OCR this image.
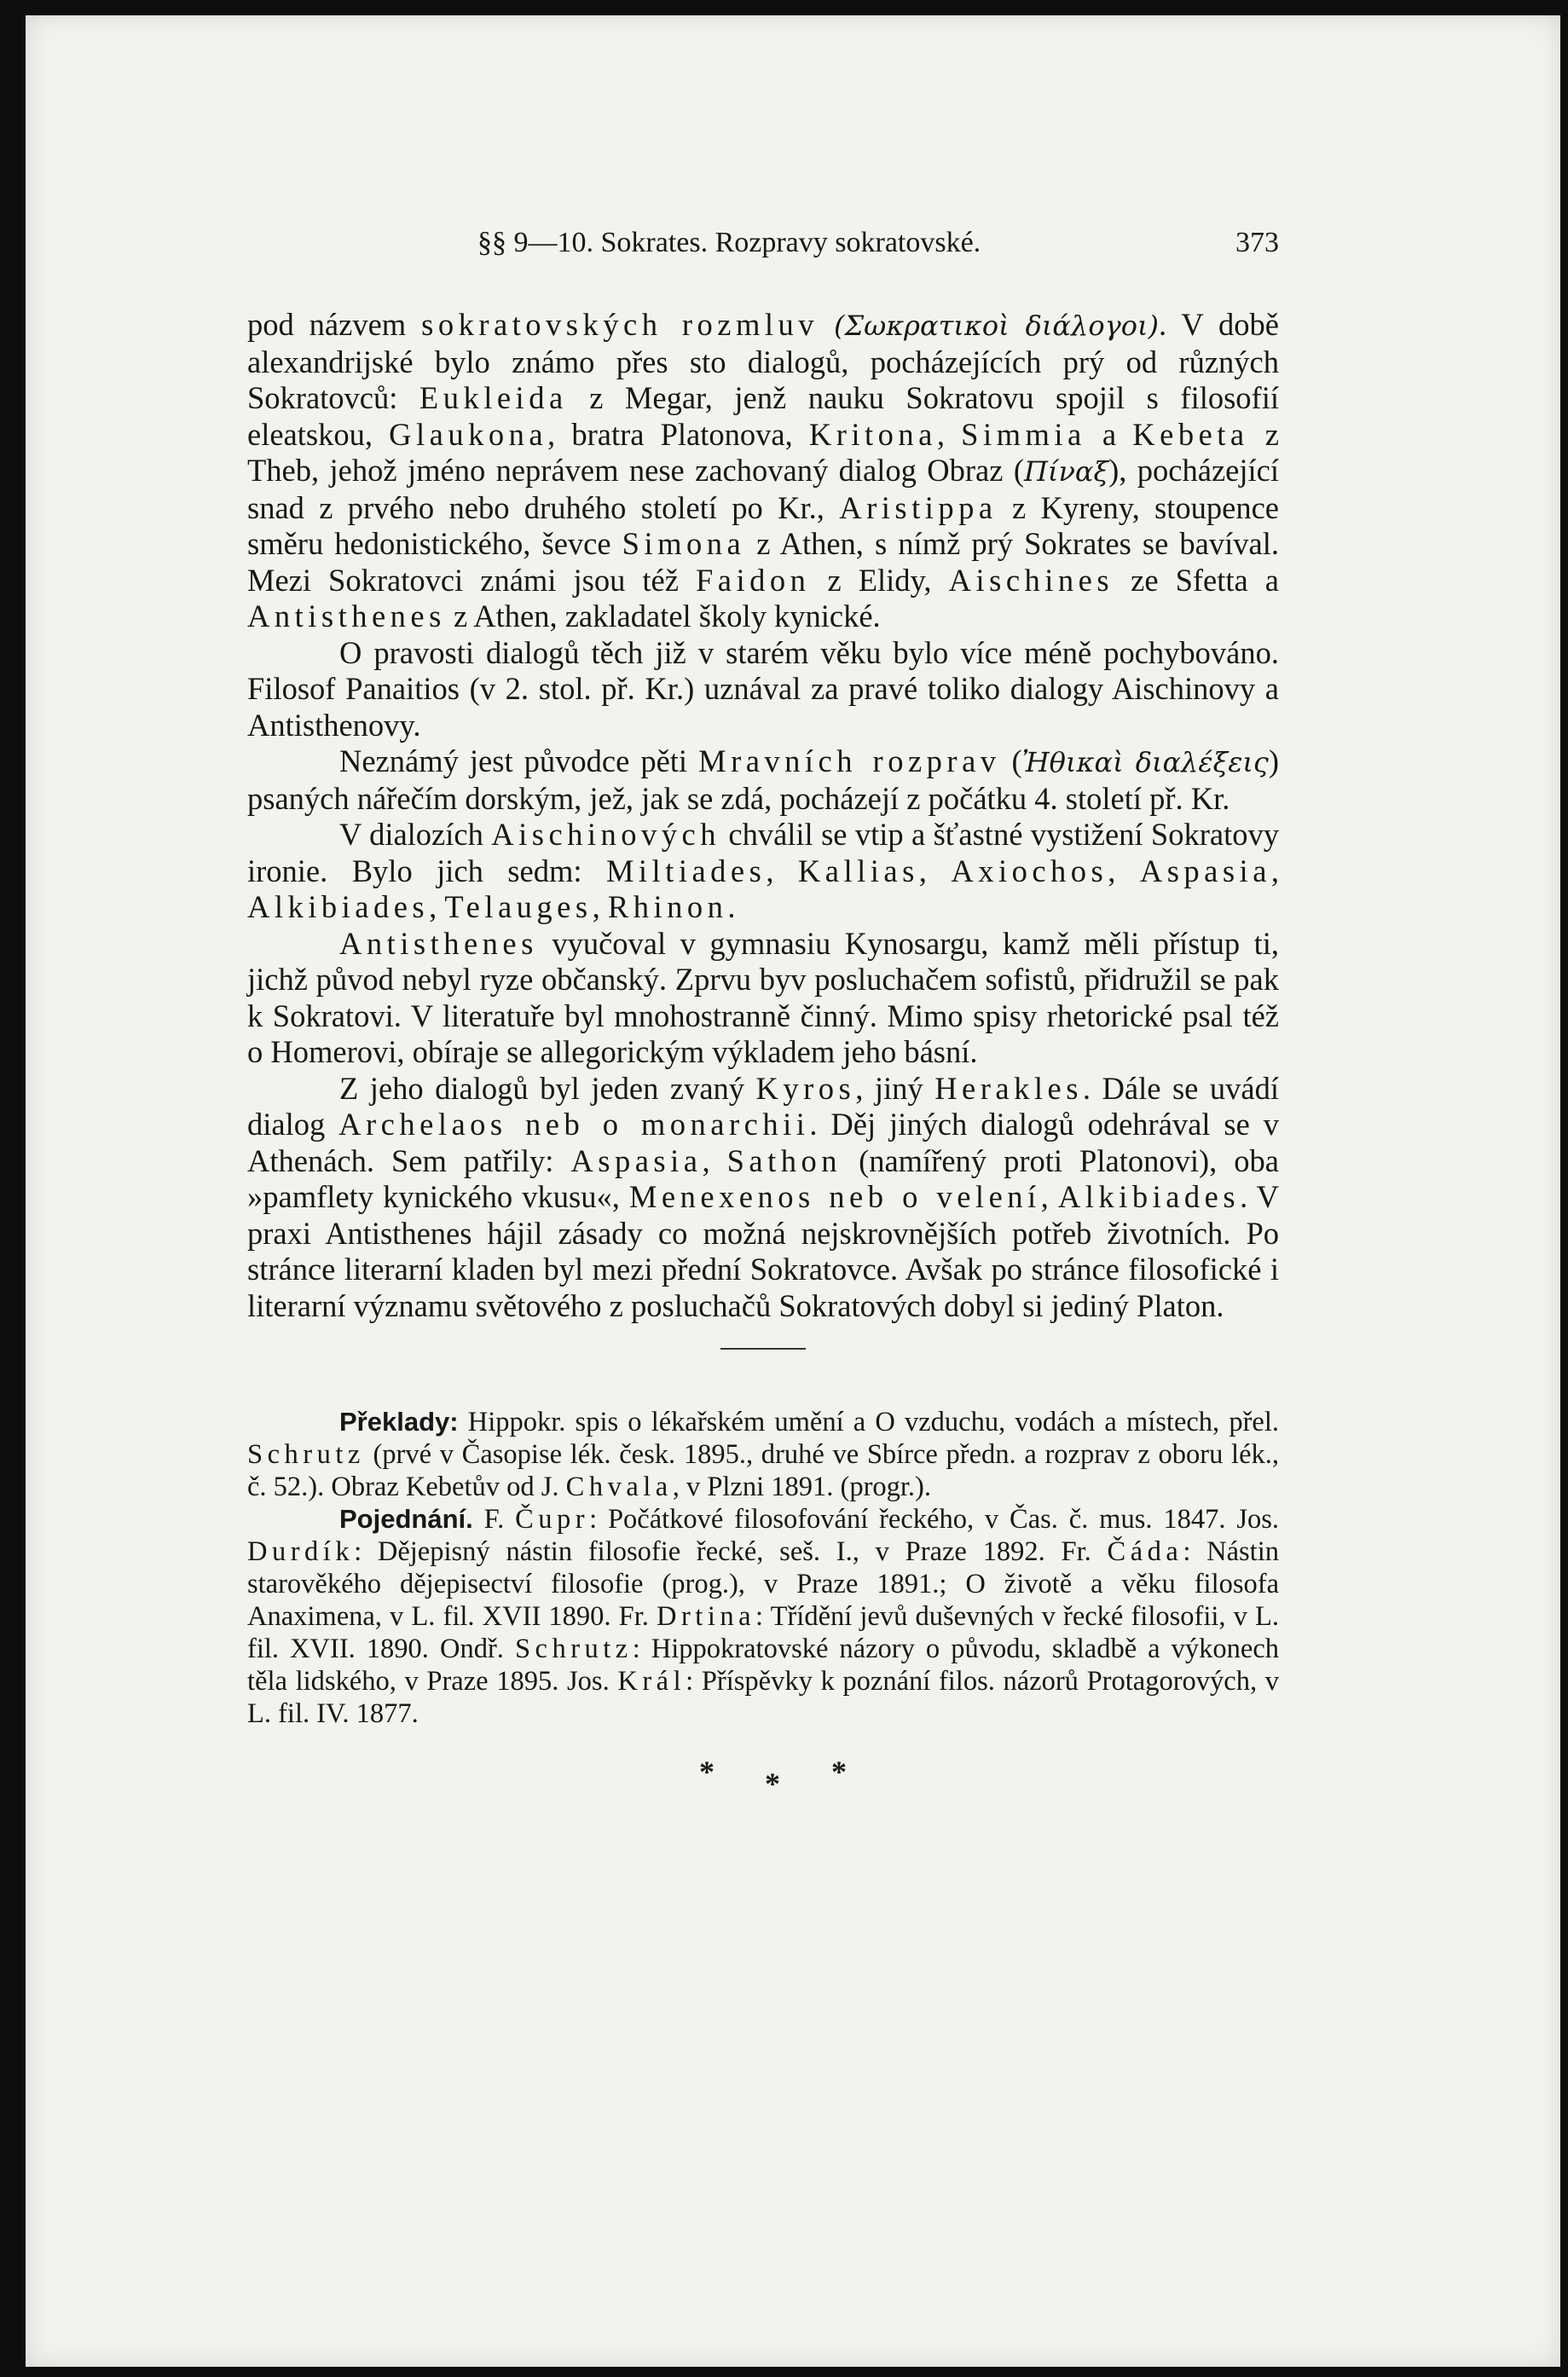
§§ 9—10. Sokrates. Rozpravy sokratovské.	373

pod názvem sokratovských rozmluv (Σωκρατικοὶ διάλογοι). V době alexandrijské bylo známo přes sto dialogů, pocházejících prý od různých Sokratovců: Eukleida z Megar, jenž nauku Sokratovu spojil s filosofií eleatskou, Glaukona, bratra Platonova, Kritona, Simmia a Kebeta z Theb, jehož jméno neprávem nese zachovaný dialog Obraz (Πίναξ), pocházející snad z prvého nebo druhého století po Kr., Aristippa z Kyreny, stoupence směru hedonistického, ševce Simona z Athen, s nímž prý Sokrates se bavíval. Mezi Sokratovci známi jsou též Faidon z Elidy, Aischines ze Sfetta a Antisthenes z Athen, zakladatel školy kynické.

O pravosti dialogů těch již v starém věku bylo více méně pochybováno. Filosof Panaitios (v 2. stol. př. Kr.) uznával za pravé toliko dialogy Aischinovy a Antisthenovy.

Neznámý jest původce pěti Mravních rozprav (Ἠθικαὶ διαλέξεις) psaných nářečím dorským, jež, jak se zdá, pocházejí z počátku 4. století př. Kr.

V dialozích Aischinových chválil se vtip a šťastné vystižení Sokratovy ironie. Bylo jich sedm: Miltiades, Kallias, Axiochos, Aspasia, Alkibiades, Telauges, Rhinon.

Antisthenes vyučoval v gymnasiu Kynosargu, kamž měli přístup ti, jichž původ nebyl ryze občanský. Zprvu byv posluchačem sofistů, přidružil se pak k Sokratovi. V literatuře byl mnohostranně činný. Mimo spisy rhetorické psal též o Homerovi, obíraje se allegorickým výkladem jeho básní.

Z jeho dialogů byl jeden zvaný Kyros, jiný Herakles. Dále se uvádí dialog Archelaos neb o monarchii. Děj jiných dialogů odehrával se v Athenách. Sem patřily: Aspasia, Sathon (namířený proti Platonovi), oba »pamflety kynického vkusu«, Menexenos neb o velení, Alkibiades. V praxi Antisthenes hájil zásady co možná nejskrovnějších potřeb životních. Po stránce literarní kladen byl mezi přední Sokratovce. Avšak po stránce filosofické i literarní významu světového z posluchačů Sokratových dobyl si jediný Platon.

Překlady: Hippokr. spis o lékařském umění a O vzduchu, vodách a místech, přel. Schrutz (prvé v Časopise lék. česk. 1895., druhé ve Sbírce předn. a rozprav z oboru lék., č. 52.). Obraz Kebetův od J. Chvala, v Plzni 1891. (progr.).

Pojednání. F. Čupr: Počátkové filosofování řeckého, v Čas. č. mus. 1847. Jos. Durdík: Dějepisný nástin filosofie řecké, seš. I., v Praze 1892. Fr. Čáda: Nástin starověkého dějepisectví filosofie (prog.), v Praze 1891.; O životě a věku filosofa Anaximena, v L. fil. XVII 1890. Fr. Drtina: Třídění jevů duševných v řecké filosofii, v L. fil. XVII. 1890. Ondř. Schrutz: Hippokratovské názory o původu, skladbě a výkonech těla lidského, v Praze 1895. Jos. Král: Příspěvky k poznání filos. názorů Protagorových, v L. fil. IV. 1877.

* * *
